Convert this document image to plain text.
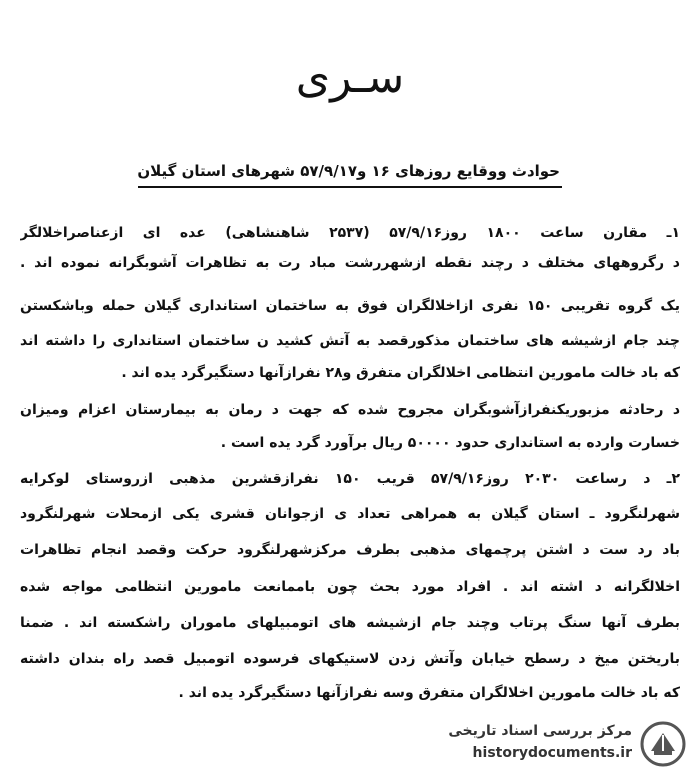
سـرى
حوادث ووقایع روزهای ۱۶ و۵۷/۹/۱۷ شهرهای استان گیلان
۱ـ مقارن ساعت ۱۸۰۰ روز۵۷/۹/۱۶ (۲۵۳۷ شاهنشاهی) عده ای ازعناصراخلالگر
د رگروههای مختلف د رچند نقطه ازشهررشت مباد رت به تظاهرات آشوبگرانه نموده اند .
یک گروه تقریبی ۱۵۰ نفری ازاخلالگران فوق به ساختمان استانداری گیلان حمله وباشکستن
چند جام ازشیشه های ساختمان مذکورقصد به آتش کشید ن ساختمان استانداری را داشته اند
که باد خالت مامورین انتظامی اخلالگران متفرق و۲۸ نفرازآنها دستگیرگرد یده اند .
د رحادثه مزبوریکنفرازآشوبگران مجروح شده که جهت د رمان به بیمارستان اعزام ومیزان
خسارت وارده به استانداری حدود ۵۰۰۰۰ ریال برآورد گرد یده است .
۲ـ د رساعت ۲۰۳۰ روز۵۷/۹/۱۶ قریب ۱۵۰ نفرازقشرین مذهبی ازروستای لوکرایه
شهرلنگرود ـ استان گیلان به همراهی تعداد ی ازجوانان قشری یکی ازمحلات شهرلنگرود
باد رد ست د اشتن پرچمهای مذهبی بطرف مرکزشهرلنگرود حرکت وقصد انجام تظاهرات
اخلالگرانه د اشته اند . افراد مورد بحث چون باممانعت مامورین انتظامی مواجه شده
بطرف آنها سنگ پرتاب وچند جام ازشیشه های اتومبیلهای ماموران راشکسته اند . ضمنا
باریختن میخ د رسطح خیابان وآتش زدن لاستیکهای فرسوده اتومبیل قصد راه بندان داشته
که باد خالت مامورین اخلالگران متفرق وسه نفرازآنها دستگیرگرد یده اند .
مرکز بررسی اسناد تاریخی
historydocuments.ir
